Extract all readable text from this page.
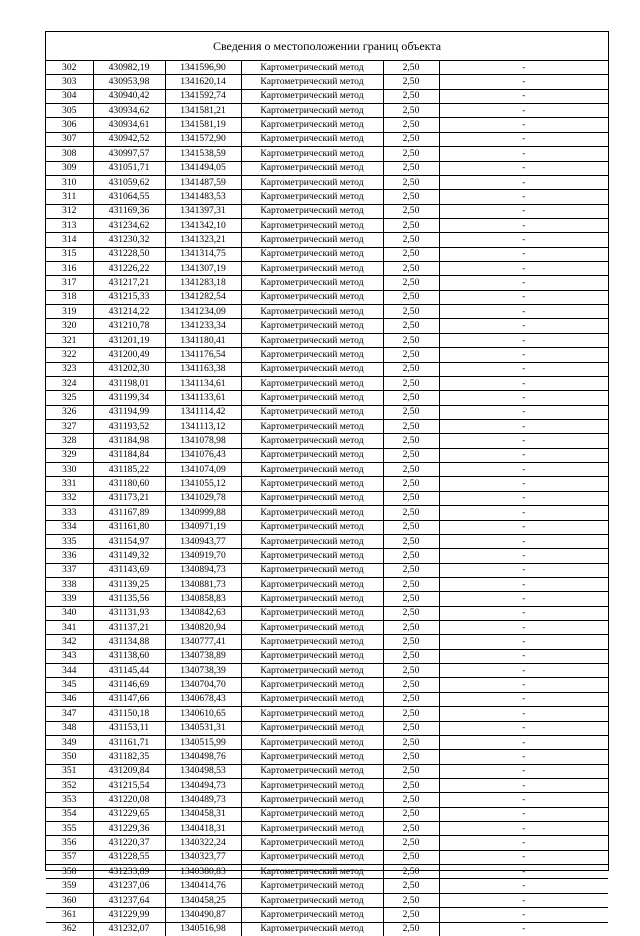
Сведения о местоположении границ объекта
302	430982,19	1341596,90	Картометрический метод	2,50	-
303	430953,98	1341620,14	Картометрический метод	2,50	-
304	430940,42	1341592,74	Картометрический метод	2,50	-
305	430934,62	1341581,21	Картометрический метод	2,50	-
306	430934,61	1341581,19	Картометрический метод	2,50	-
307	430942,52	1341572,90	Картометрический метод	2,50	-
308	430997,57	1341538,59	Картометрический метод	2,50	-
309	431051,71	1341494,05	Картометрический метод	2,50	-
310	431059,62	1341487,59	Картометрический метод	2,50	-
311	431064,55	1341483,53	Картометрический метод	2,50	-
312	431169,36	1341397,31	Картометрический метод	2,50	-
313	431234,62	1341342,10	Картометрический метод	2,50	-
314	431230,32	1341323,21	Картометрический метод	2,50	-
315	431228,50	1341314,75	Картометрический метод	2,50	-
316	431226,22	1341307,19	Картометрический метод	2,50	-
317	431217,21	1341283,18	Картометрический метод	2,50	-
318	431215,33	1341282,54	Картометрический метод	2,50	-
319	431214,22	1341234,09	Картометрический метод	2,50	-
320	431210,78	1341233,34	Картометрический метод	2,50	-
321	431201,19	1341180,41	Картометрический метод	2,50	-
322	431200,49	1341176,54	Картометрический метод	2,50	-
323	431202,30	1341163,38	Картометрический метод	2,50	-
324	431198,01	1341134,61	Картометрический метод	2,50	-
325	431199,34	1341133,61	Картометрический метод	2,50	-
326	431194,99	1341114,42	Картометрический метод	2,50	-
327	431193,52	1341113,12	Картометрический метод	2,50	-
328	431184,98	1341078,98	Картометрический метод	2,50	-
329	431184,84	1341076,43	Картометрический метод	2,50	-
330	431185,22	1341074,09	Картометрический метод	2,50	-
331	431180,60	1341055,12	Картометрический метод	2,50	-
332	431173,21	1341029,78	Картометрический метод	2,50	-
333	431167,89	1340999,88	Картометрический метод	2,50	-
334	431161,80	1340971,19	Картометрический метод	2,50	-
335	431154,97	1340943,77	Картометрический метод	2,50	-
336	431149,32	1340919,70	Картометрический метод	2,50	-
337	431143,69	1340894,73	Картометрический метод	2,50	-
338	431139,25	1340881,73	Картометрический метод	2,50	-
339	431135,56	1340858,83	Картометрический метод	2,50	-
340	431131,93	1340842,63	Картометрический метод	2,50	-
341	431137,21	1340820,94	Картометрический метод	2,50	-
342	431134,88	1340777,41	Картометрический метод	2,50	-
343	431138,60	1340738,89	Картометрический метод	2,50	-
344	431145,44	1340738,39	Картометрический метод	2,50	-
345	431146,69	1340704,70	Картометрический метод	2,50	-
346	431147,66	1340678,43	Картометрический метод	2,50	-
347	431150,18	1340610,65	Картометрический метод	2,50	-
348	431153,11	1340531,31	Картометрический метод	2,50	-
349	431161,71	1340515,99	Картометрический метод	2,50	-
350	431182,35	1340498,76	Картометрический метод	2,50	-
351	431209,84	1340498,53	Картометрический метод	2,50	-
352	431215,54	1340494,73	Картометрический метод	2,50	-
353	431220,08	1340489,73	Картометрический метод	2,50	-
354	431229,65	1340458,31	Картометрический метод	2,50	-
355	431229,36	1340418,31	Картометрический метод	2,50	-
356	431220,37	1340322,24	Картометрический метод	2,50	-
357	431228,55	1340323,77	Картометрический метод	2,50	-
358	431233,89	1340380,83	Картометрический метод	2,50	-
359	431237,06	1340414,76	Картометрический метод	2,50	-
360	431237,64	1340458,25	Картометрический метод	2,50	-
361	431229,99	1340490,87	Картометрический метод	2,50	-
362	431232,07	1340516,98	Картометрический метод	2,50	-
